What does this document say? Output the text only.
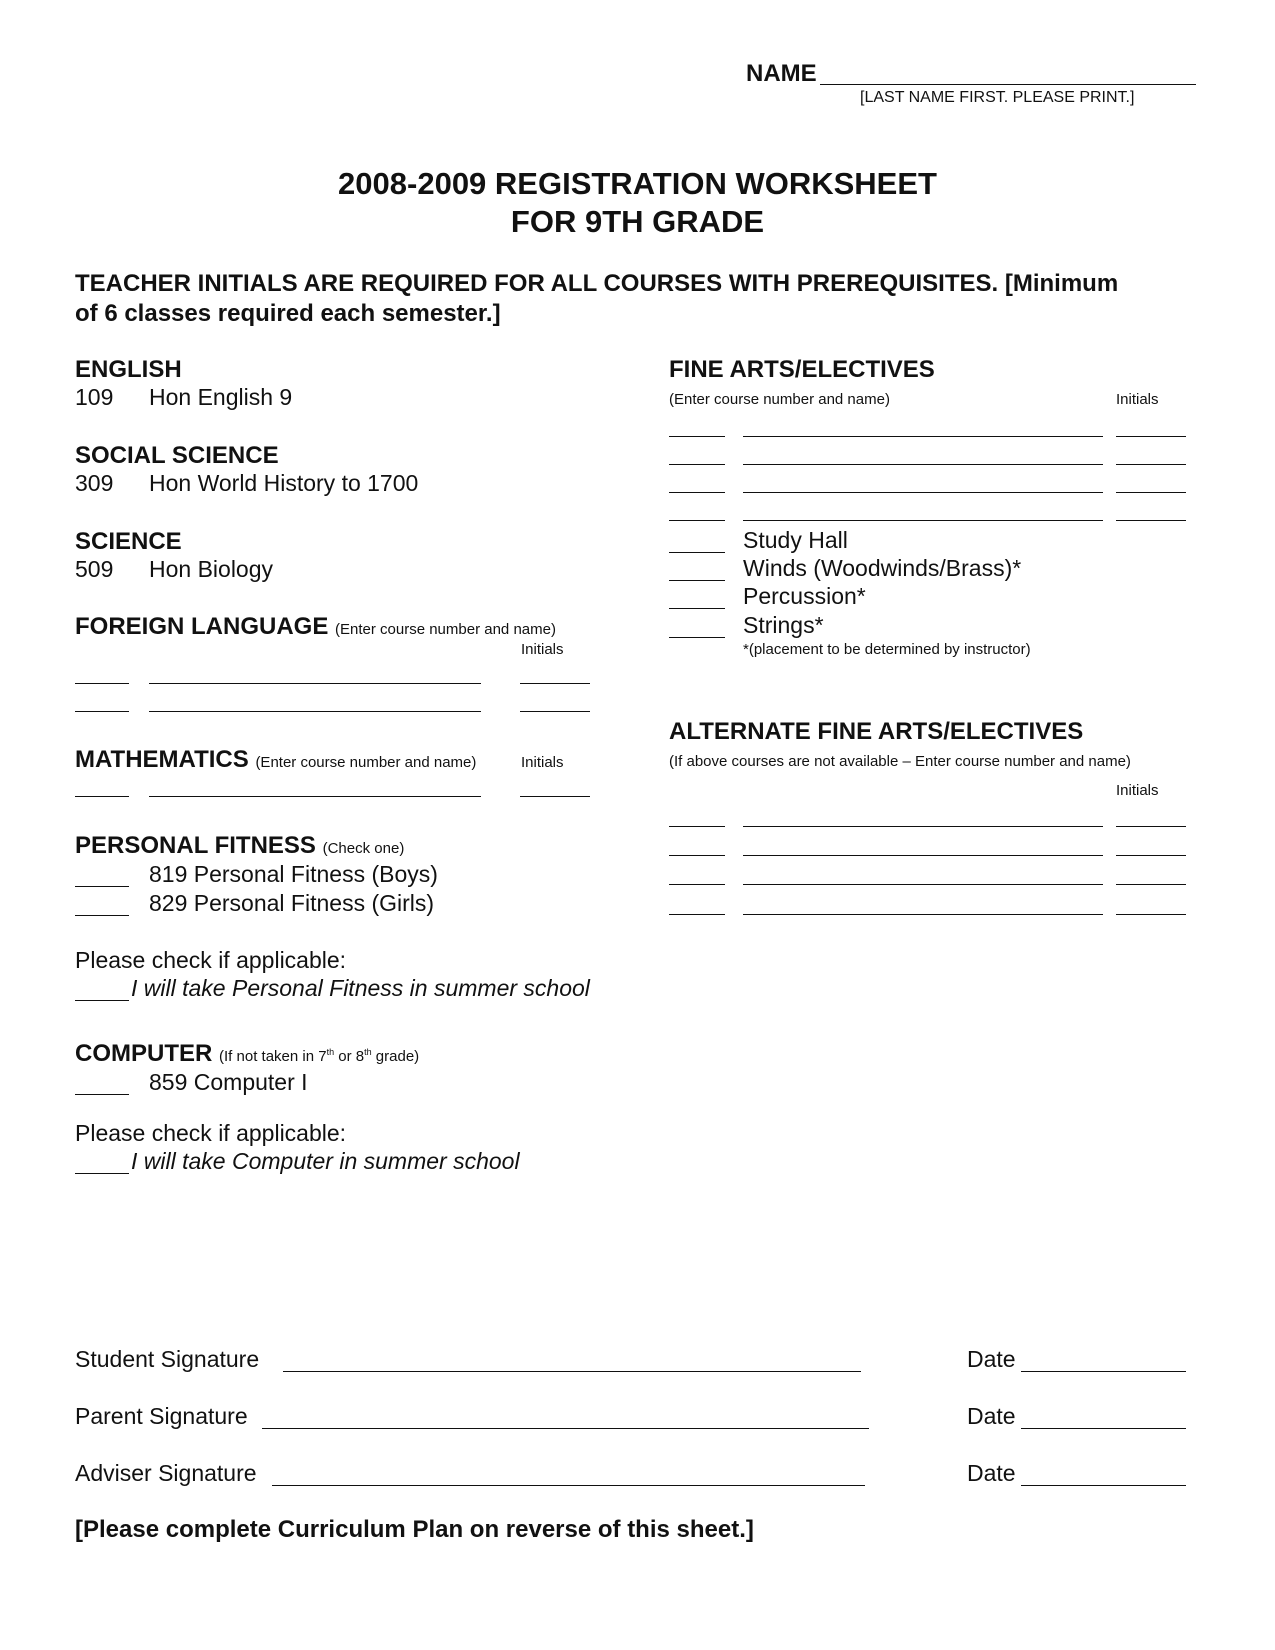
NAME
[LAST NAME FIRST. PLEASE PRINT.]
2008-2009 REGISTRATION WORKSHEET
FOR 9TH GRADE
TEACHER INITIALS ARE REQUIRED FOR ALL COURSES WITH PREREQUISITES. [Minimum
of 6 classes required each semester.]
ENGLISH
109 Hon English 9
SOCIAL SCIENCE
309 Hon World History to 1700
SCIENCE
509 Hon Biology
FOREIGN LANGUAGE (Enter course number and name)
Initials
MATHEMATICS (Enter course number and name)	Initials
PERSONAL FITNESS (Check one)
819 Personal Fitness (Boys)
829 Personal Fitness (Girls)
Please check if applicable:
I will take Personal Fitness in summer school
COMPUTER (If not taken in 7th or 8th grade)
859 Computer I
Please check if applicable:
I will take Computer in summer school
FINE ARTS/ELECTIVES
(Enter course number and name)	Initials
Study Hall
Winds (Woodwinds/Brass)*
Percussion*
Strings*
*(placement to be determined by instructor)
ALTERNATE FINE ARTS/ELECTIVES
(If above courses are not available – Enter course number and name)
Initials
Student Signature	Date
Parent Signature	Date
Adviser Signature	Date
[Please complete Curriculum Plan on reverse of this sheet.]
